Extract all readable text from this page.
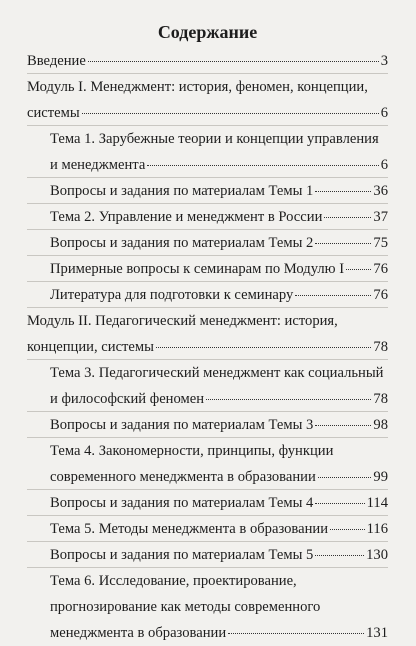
Содержание
Введение	3
Модуль I. Менеджмент: история, феномен, концепции,
системы	6
Тема 1. Зарубежные теории и концепции управления
и менеджмента	6
Вопросы и задания по материалам Темы 1	36
Тема 2. Управление и менеджмент в России	37
Вопросы и задания по материалам Темы 2	75
Примерные вопросы к семинарам по Модулю I 76
Литература для подготовки к семинару	76
Модуль II. Педагогический менеджмент: история,
концепции, системы	78
Тема 3. Педагогический менеджмент как социальный
и философский феномен	78
Вопросы и задания по материалам Темы 3	98
Тема 4. Закономерности, принципы, функции
современного менеджмента в образовании	99
Вопросы и задания по материалам Темы 4	114
Тема 5. Методы менеджмента в образовании	116
Вопросы и задания по материалам Темы 5	130
Тема 6. Исследование, проектирование,
прогнозирование как методы современного
менеджмента в образовании	131
